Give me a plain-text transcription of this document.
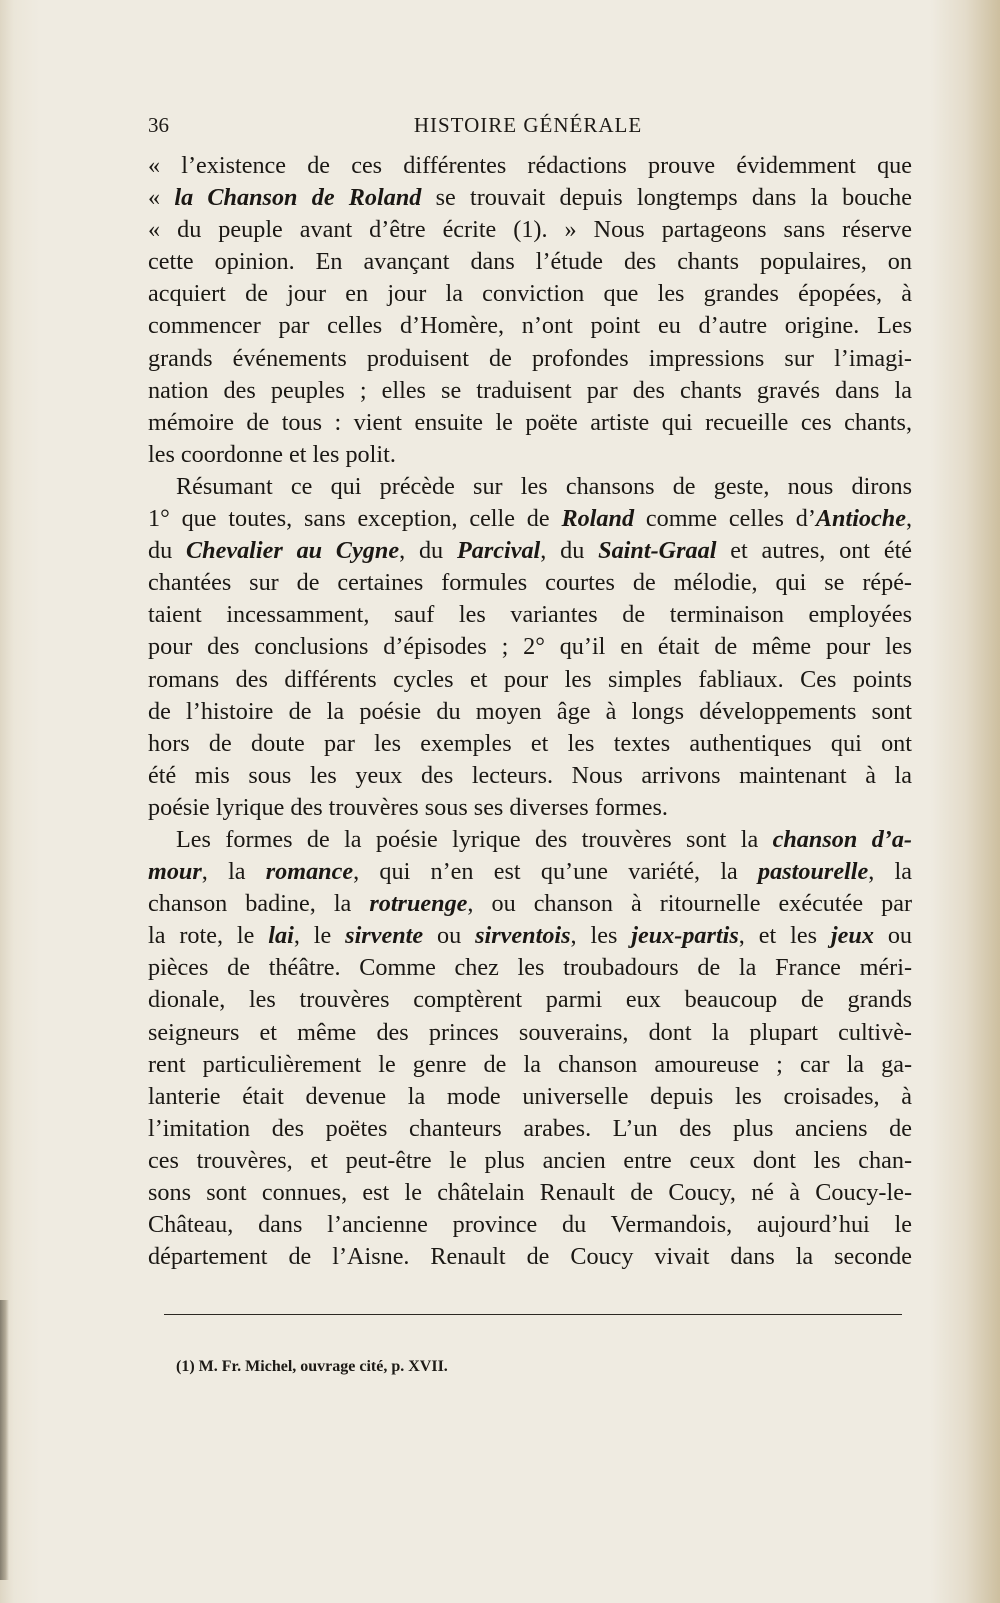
36	HISTOIRE GÉNÉRALE
« l’existence de ces différentes rédactions prouve évidemment que
« la Chanson de Roland se trouvait depuis longtemps dans la bouche
« du peuple avant d’être écrite (1). » Nous partageons sans réserve
cette opinion. En avançant dans l’étude des chants populaires, on
acquiert de jour en jour la conviction que les grandes épopées, à
commencer par celles d’Homère, n’ont point eu d’autre origine. Les
grands événements produisent de profondes impressions sur l’imagi-
nation des peuples ; elles se traduisent par des chants gravés dans la
mémoire de tous : vient ensuite le poëte artiste qui recueille ces chants,
les coordonne et les polit.
Résumant ce qui précède sur les chansons de geste, nous dirons
1° que toutes, sans exception, celle de Roland comme celles d’Antioche,
du Chevalier au Cygne, du Parcival, du Saint-Graal et autres, ont été
chantées sur de certaines formules courtes de mélodie, qui se répé-
taient incessamment, sauf les variantes de terminaison employées
pour des conclusions d’épisodes ; 2° qu’il en était de même pour les
romans des différents cycles et pour les simples fabliaux. Ces points
de l’histoire de la poésie du moyen âge à longs développements sont
hors de doute par les exemples et les textes authentiques qui ont
été mis sous les yeux des lecteurs. Nous arrivons maintenant à la
poésie lyrique des trouvères sous ses diverses formes.
Les formes de la poésie lyrique des trouvères sont la chanson d’a-
mour, la romance, qui n’en est qu’une variété, la pastourelle, la
chanson badine, la rotruenge, ou chanson à ritournelle exécutée par
la rote, le lai, le sirvente ou sirventois, les jeux-partis, et les jeux ou
pièces de théâtre. Comme chez les troubadours de la France méri-
dionale, les trouvères comptèrent parmi eux beaucoup de grands
seigneurs et même des princes souverains, dont la plupart cultivè-
rent particulièrement le genre de la chanson amoureuse ; car la ga-
lanterie était devenue la mode universelle depuis les croisades, à
l’imitation des poëtes chanteurs arabes. L’un des plus anciens de
ces trouvères, et peut-être le plus ancien entre ceux dont les chan-
sons sont connues, est le châtelain Renault de Coucy, né à Coucy-le-
Château, dans l’ancienne province du Vermandois, aujourd’hui le
département de l’Aisne. Renault de Coucy vivait dans la seconde
(1) M. Fr. Michel, ouvrage cité, p. XVII.
